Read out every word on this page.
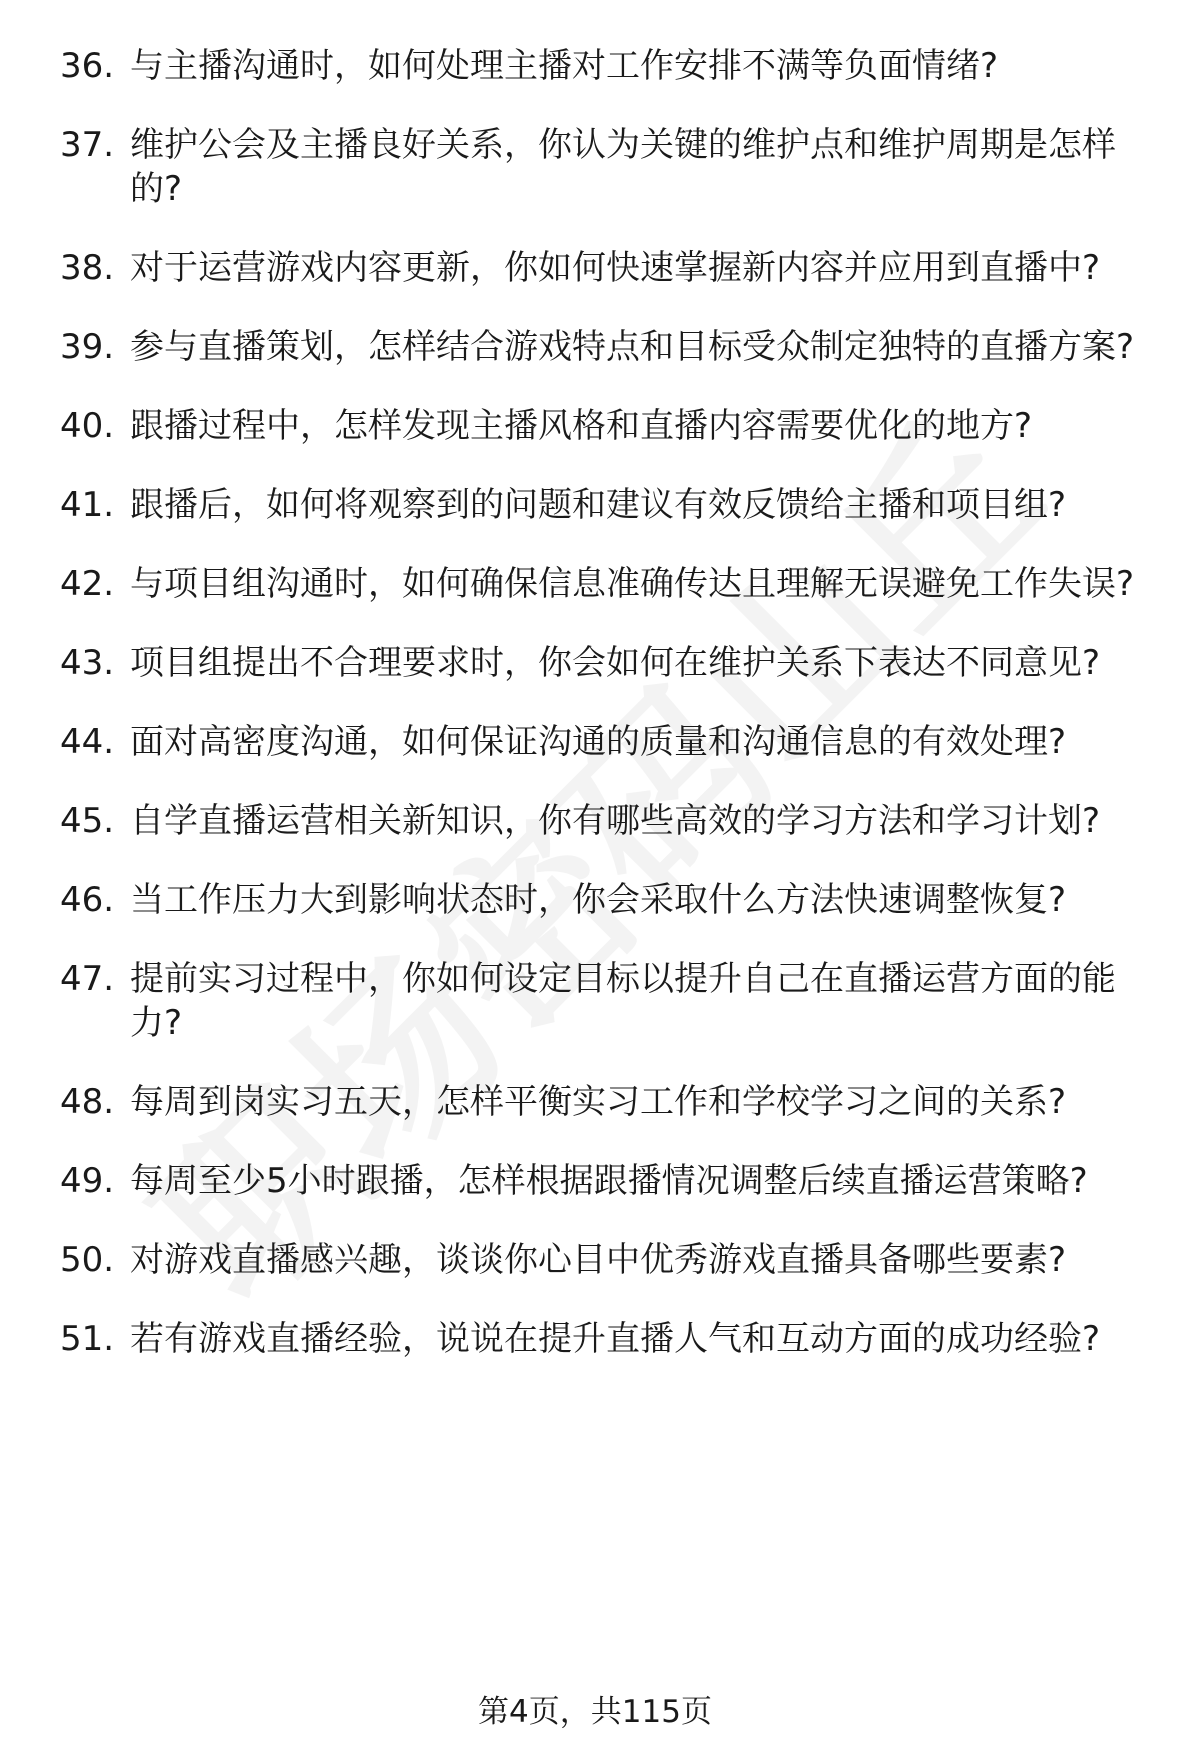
36. 与主播沟通时，如何处理主播对工作安排不满等负面情绪?
37. 维护公会及主播良好关系，你认为关键的维护点和维护周期是怎样的?
38. 对于运营游戏内容更新，你如何快速掌握新内容并应用到直播中?
39. 参与直播策划，怎样结合游戏特点和目标受众制定独特的直播方案?
40. 跟播过程中，怎样发现主播风格和直播内容需要优化的地方?
41. 跟播后，如何将观察到的问题和建议有效反馈给主播和项目组?
42. 与项目组沟通时，如何确保信息准确传达且理解无误避免工作失误?
43. 项目组提出不合理要求时，你会如何在维护关系下表达不同意见?
44. 面对高密度沟通，如何保证沟通的质量和沟通信息的有效处理?
45. 自学直播运营相关新知识，你有哪些高效的学习方法和学习计划?
46. 当工作压力大到影响状态时，你会采取什么方法快速调整恢复?
47. 提前实习过程中，你如何设定目标以提升自己在直播运营方面的能力?
48. 每周到岗实习五天，怎样平衡实习工作和学校学习之间的关系?
49. 每周至少5小时跟播，怎样根据跟播情况调整后续直播运营策略?
50. 对游戏直播感兴趣，谈谈你心目中优秀游戏直播具备哪些要素?
51. 若有游戏直播经验，说说在提升直播人气和互动方面的成功经验?
第4页，共115页
